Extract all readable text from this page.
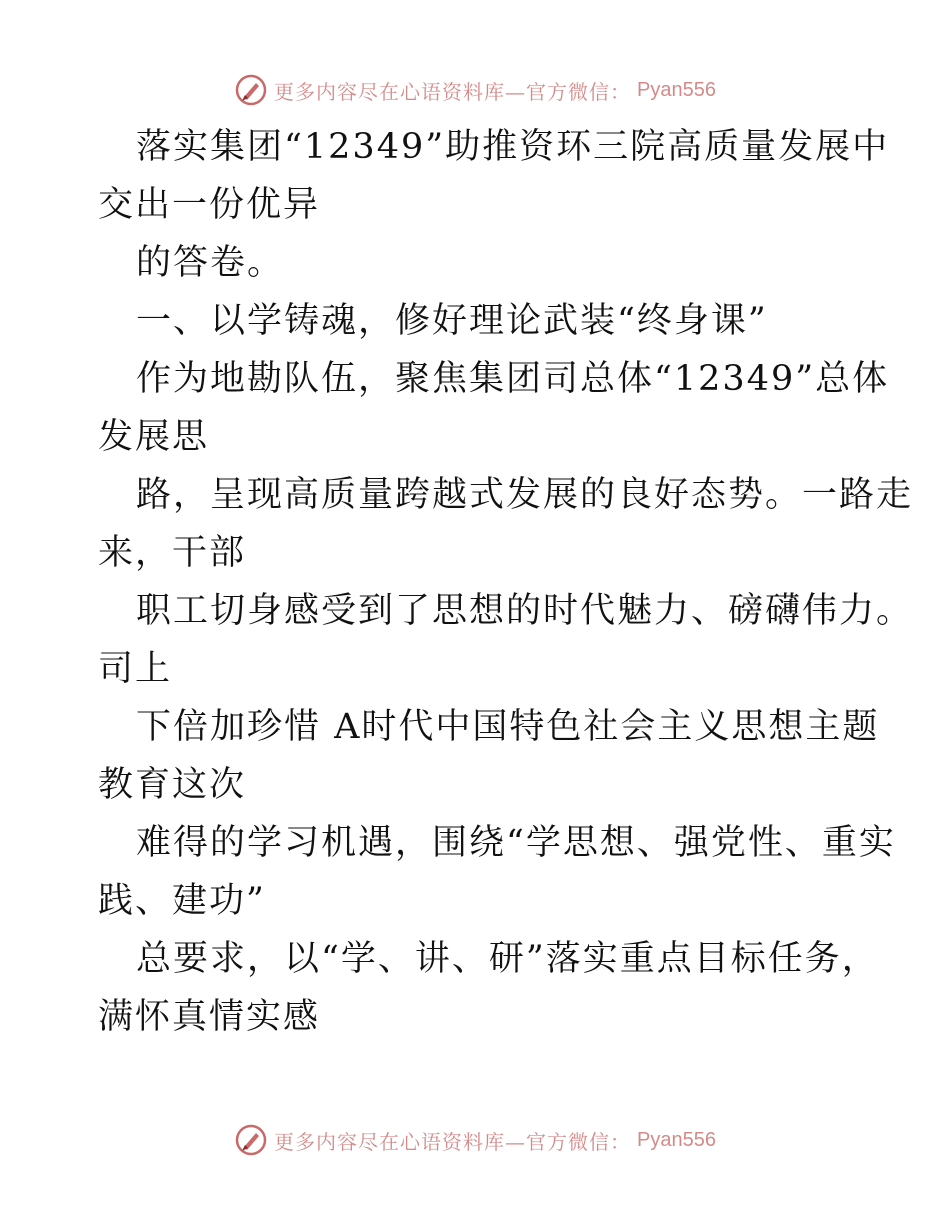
更多内容尽在心语资料库—官方微信： Pyan556
落实集团“12349”助推资环三院高质量发展中
交出一份优异
的答卷。
一、以学铸魂，修好理论武装“终身课”
作为地勘队伍，聚焦集团司总体“12349”总体
发展思
路，呈现高质量跨越式发展的良好态势。一路走
来，干部
职工切身感受到了思想的时代魅力、磅礴伟力。
司上
下倍加珍惜 A时代中国特色社会主义思想主题
教育这次
难得的学习机遇，围绕“学思想、强党性、重实
践、建功”
总要求，以“学、讲、研”落实重点目标任务，
满怀真情实感
更多内容尽在心语资料库—官方微信： Pyan556
